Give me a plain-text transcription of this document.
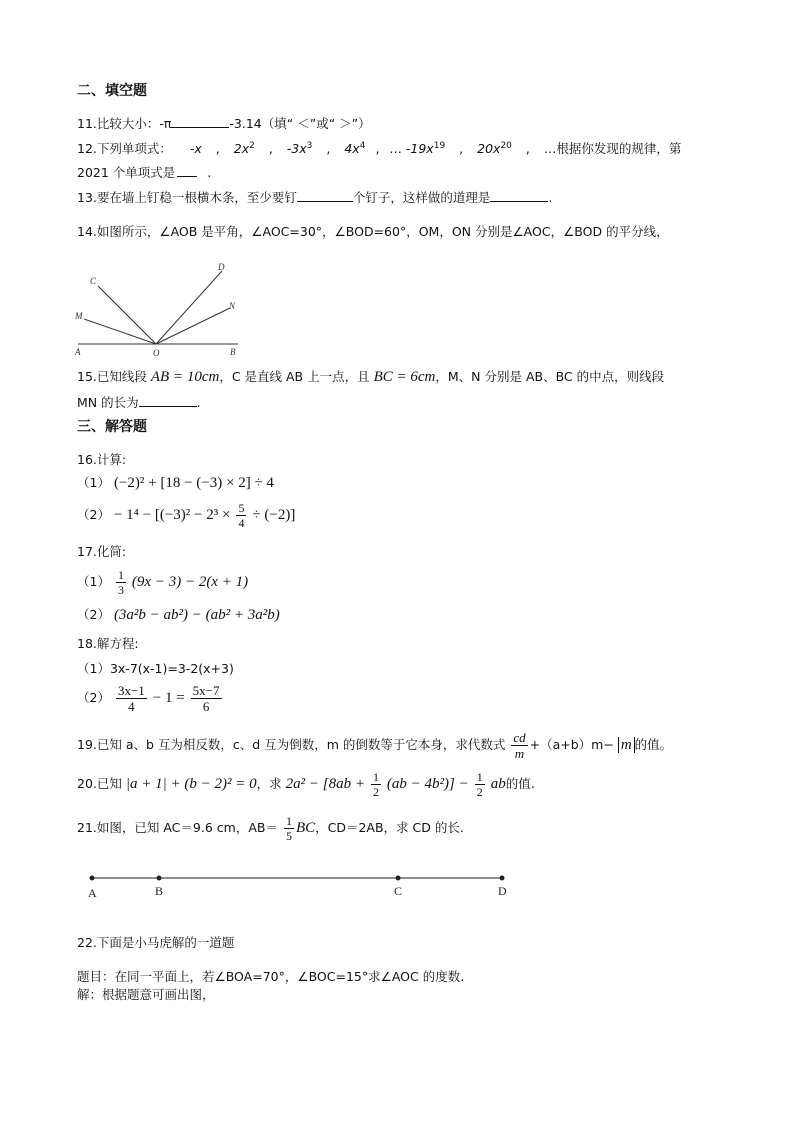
二、填空题
11.比较大小：-π	-3.14（填“ ＜”或“ ＞”）
12.下列单项式： -x , $2x^2$ , $-3x^3$ , $4x^4$ , … $-19x^{19}$ , $20x^{20}$ , …根据你发现的规律，第
2021 个单项式是	.
13.要在墙上钉稳一根横木条，至少要钉	个钉子，这样做的道理是	.
14.如图所示，∠AOB 是平角，∠AOC=30°，∠BOD=60°，OM，ON 分别是∠AOC，∠BOD 的平分线，
C
D
M
N
A	O	B
15.已知线段 AB = 10cm，C 是直线 AB 上一点，且 BC = 6cm，M、N 分别是 AB、BC 的中点，则线段
MN 的长为	.
三、解答题
16.计算:
（1） (−2)² + [18 − (−3) × 2] ÷ 4
$(2) - 1^4 - [(-3)^2 - 2^3 \times \frac{5}{4} \div (-2)]$
17.化简:
$(1) \frac{1}{3} (9x - 3) - 2(x + 1)$
（2） (3a²b − ab²) − (ab² + 3a²b)
18.解方程:
（1）3x-7(x-1)=3-2(x+3)
$(2) \frac{3x-1}{4} - 1 = \frac{5x-7}{6}$
19.已知 a、b 互为相反数，c、d 互为倒数，m 的倒数等于它本身，求代数式 $\frac{cd}{m} +(a+b)m- m$ 的值。
20.已知 |a + 1| + (b − 2)² = 0，求 $2a^2 - [8ab + \frac{1}{2} (ab - 4b^2)] - \frac{1}{2}$ ab的值.
21.如图，已知 AC＝9.6 cm，$AB= \frac{1}{5}$ BC，CD＝2AB，求 CD 的长.
A	B	C	D
22.下面是小马虎解的一道题
题目：在同一平面上，若∠BOA=70°，∠BOC=15°求∠AOC 的度数.
解：根据题意可画出图，
